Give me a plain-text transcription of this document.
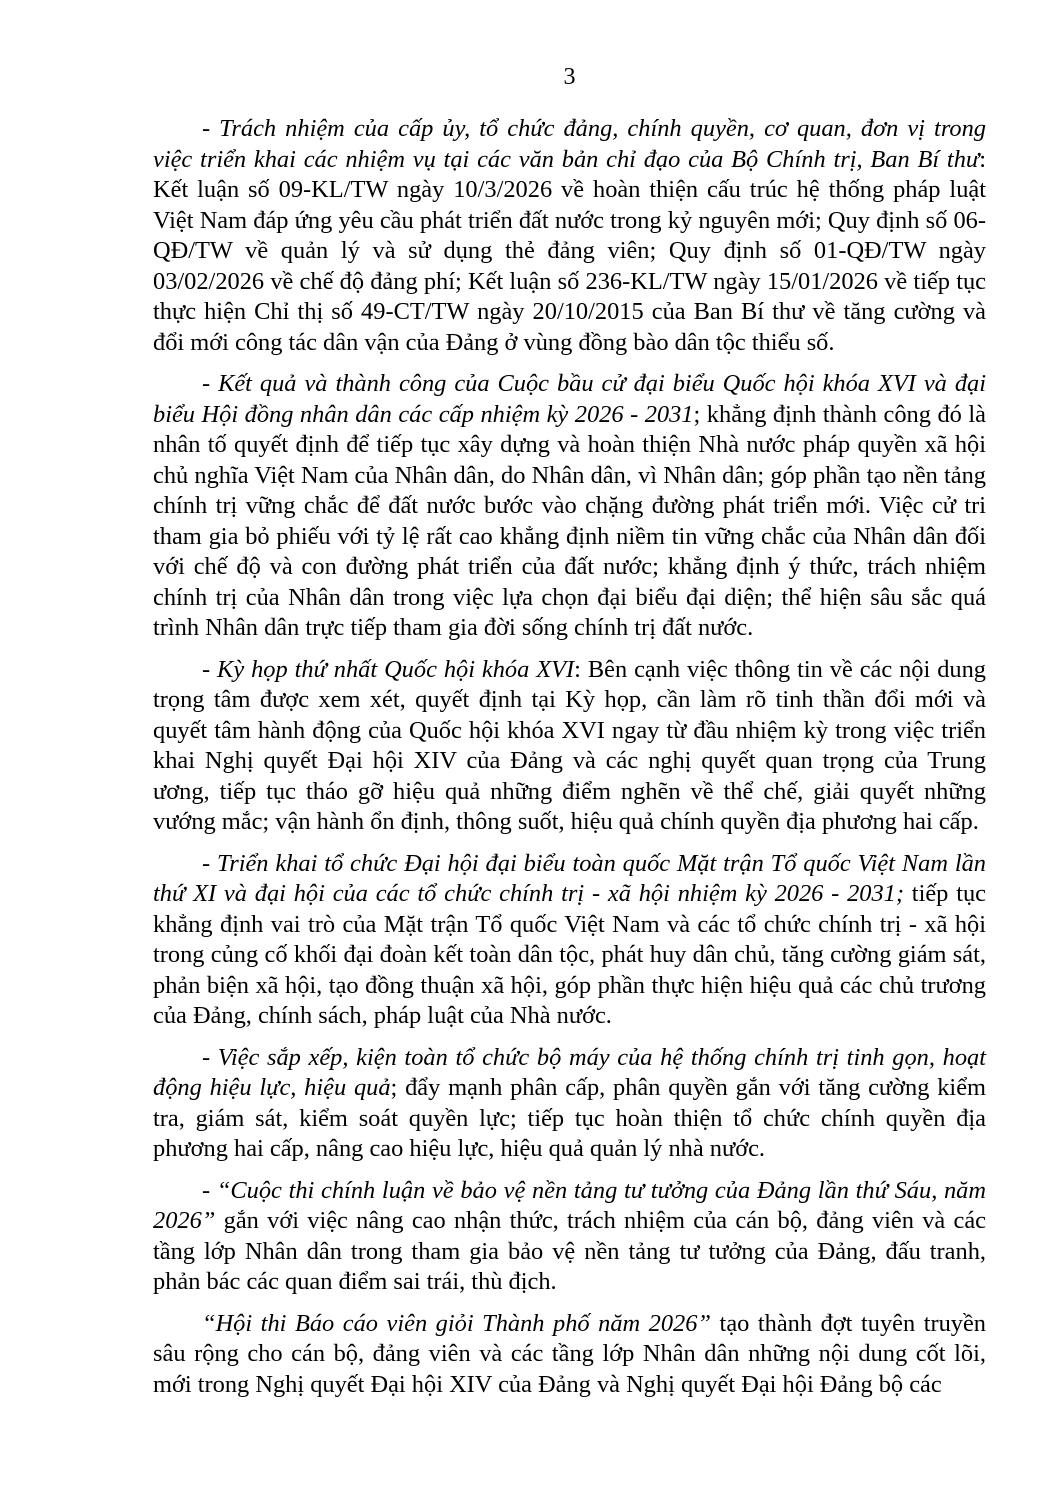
3

- Trách nhiệm của cấp ủy, tổ chức đảng, chính quyền, cơ quan, đơn vị trong việc triển khai các nhiệm vụ tại các văn bản chỉ đạo của Bộ Chính trị, Ban Bí thư: Kết luận số 09-KL/TW ngày 10/3/2026 về hoàn thiện cấu trúc hệ thống pháp luật Việt Nam đáp ứng yêu cầu phát triển đất nước trong kỷ nguyên mới; Quy định số 06-QĐ/TW về quản lý và sử dụng thẻ đảng viên; Quy định số 01-QĐ/TW ngày 03/02/2026 về chế độ đảng phí; Kết luận số 236-KL/TW ngày 15/01/2026 về tiếp tục thực hiện Chỉ thị số 49-CT/TW ngày 20/10/2015 của Ban Bí thư về tăng cường và đổi mới công tác dân vận của Đảng ở vùng đồng bào dân tộc thiểu số.

- Kết quả và thành công của Cuộc bầu cử đại biểu Quốc hội khóa XVI và đại biểu Hội đồng nhân dân các cấp nhiệm kỳ 2026 - 2031; khẳng định thành công đó là nhân tố quyết định để tiếp tục xây dựng và hoàn thiện Nhà nước pháp quyền xã hội chủ nghĩa Việt Nam của Nhân dân, do Nhân dân, vì Nhân dân; góp phần tạo nền tảng chính trị vững chắc để đất nước bước vào chặng đường phát triển mới. Việc cử tri tham gia bỏ phiếu với tỷ lệ rất cao khẳng định niềm tin vững chắc của Nhân dân đối với chế độ và con đường phát triển của đất nước; khẳng định ý thức, trách nhiệm chính trị của Nhân dân trong việc lựa chọn đại biểu đại diện; thể hiện sâu sắc quá trình Nhân dân trực tiếp tham gia đời sống chính trị đất nước.

- Kỳ họp thứ nhất Quốc hội khóa XVI: Bên cạnh việc thông tin về các nội dung trọng tâm được xem xét, quyết định tại Kỳ họp, cần làm rõ tinh thần đổi mới và quyết tâm hành động của Quốc hội khóa XVI ngay từ đầu nhiệm kỳ trong việc triển khai Nghị quyết Đại hội XIV của Đảng và các nghị quyết quan trọng của Trung ương, tiếp tục tháo gỡ hiệu quả những điểm nghẽn về thể chế, giải quyết những vướng mắc; vận hành ổn định, thông suốt, hiệu quả chính quyền địa phương hai cấp.

- Triển khai tổ chức Đại hội đại biểu toàn quốc Mặt trận Tổ quốc Việt Nam lần thứ XI và đại hội của các tổ chức chính trị - xã hội nhiệm kỳ 2026 - 2031; tiếp tục khẳng định vai trò của Mặt trận Tổ quốc Việt Nam và các tổ chức chính trị - xã hội trong củng cố khối đại đoàn kết toàn dân tộc, phát huy dân chủ, tăng cường giám sát, phản biện xã hội, tạo đồng thuận xã hội, góp phần thực hiện hiệu quả các chủ trương của Đảng, chính sách, pháp luật của Nhà nước.

- Việc sắp xếp, kiện toàn tổ chức bộ máy của hệ thống chính trị tinh gọn, hoạt động hiệu lực, hiệu quả; đẩy mạnh phân cấp, phân quyền gắn với tăng cường kiểm tra, giám sát, kiểm soát quyền lực; tiếp tục hoàn thiện tổ chức chính quyền địa phương hai cấp, nâng cao hiệu lực, hiệu quả quản lý nhà nước.

- “Cuộc thi chính luận về bảo vệ nền tảng tư tưởng của Đảng lần thứ Sáu, năm 2026” gắn với việc nâng cao nhận thức, trách nhiệm của cán bộ, đảng viên và các tầng lớp Nhân dân trong tham gia bảo vệ nền tảng tư tưởng của Đảng, đấu tranh, phản bác các quan điểm sai trái, thù địch.

“Hội thi Báo cáo viên giỏi Thành phố năm 2026” tạo thành đợt tuyên truyền sâu rộng cho cán bộ, đảng viên và các tầng lớp Nhân dân những nội dung cốt lõi, mới trong Nghị quyết Đại hội XIV của Đảng và Nghị quyết Đại hội Đảng bộ các
